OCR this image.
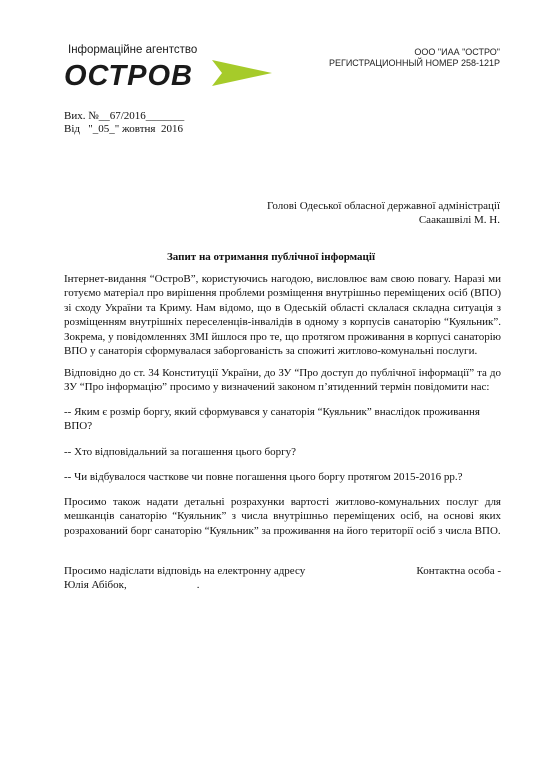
Інформаційне агентство
ОСТРОВ
ООО "ИАА "ОСТРО"
РЕГИСТРАЦИОННЫЙ НОМЕР 258-121Р
Вих. №__67/2016_______
Від   "_05_" жовтня  2016
Голові Одеської обласної державної адміністрації
Саакашвілі М. Н.
Запит на отримання публічної інформації
Інтернет-видання “ОстроВ”, користуючись нагодою, висловлює вам свою повагу. Наразі ми готуємо матеріал про вирішення проблеми розміщення внутрішньо переміщених осіб (ВПО) зі сходу України та Криму. Нам відомо, що в Одеській області склалася складна ситуація з розміщенням внутрішніх переселенців-інвалідів в одному з корпусів санаторію “Куяльник”. Зокрема, у повідомленнях ЗМІ йшлося про те, що протягом проживання в корпусі санаторію ВПО у санаторія сформувалася заборгованість за спожиті житлово-комунальні послуги.
Відповідно до ст. 34 Конституції України, до ЗУ “Про доступ до публічної інформації” та до ЗУ “Про інформацію” просимо у визначений законом п’ятиденний термін повідомити нас:
-- Яким є розмір боргу, який сформувався у санаторія “Куяльник” внаслідок проживання ВПО?
-- Хто відповідальний за погашення цього боргу?
-- Чи відбувалося часткове чи повне погашення цього боргу протягом 2015-2016 рр.?
Просимо також надати детальні розрахунки вартості житлово-комунальних послуг для мешканців санаторію “Куяльник” з числа внутрішньо переміщених осіб, на основі яких розрахований борг санаторію “Куяльник” за проживання на його території осіб з числа ВПО.
Просимо надіслати відповідь на електронну адресу	Контактна особа -
Юлія Абібок,	.
